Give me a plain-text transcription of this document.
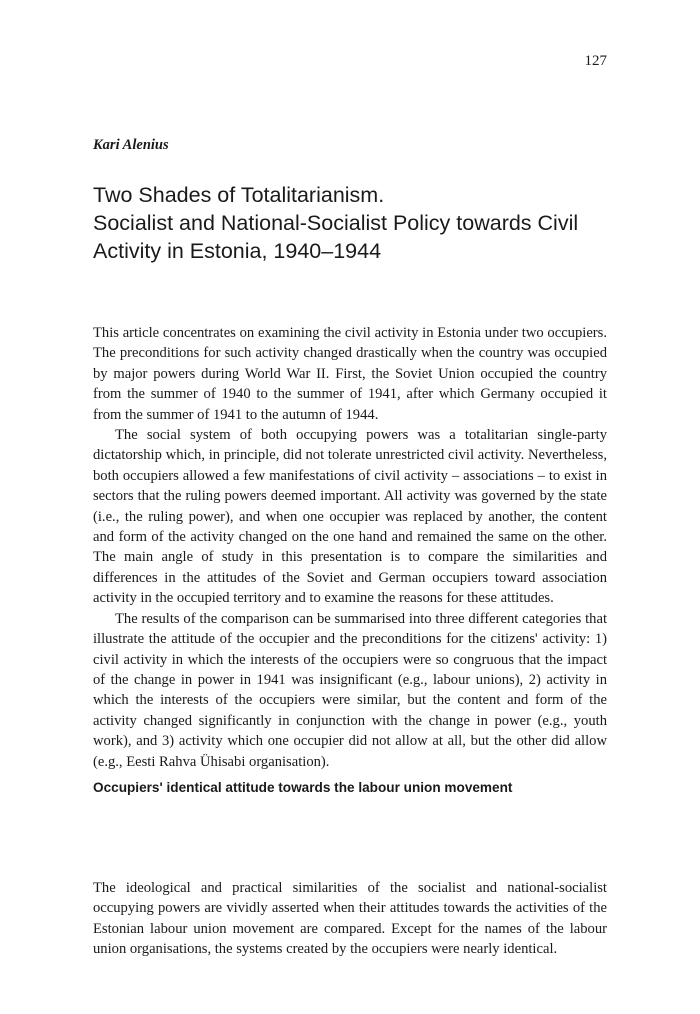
127
Kari Alenius
Two Shades of Totalitarianism.
Socialist and National-Socialist Policy towards Civil
Activity in Estonia, 1940–1944

This article concentrates on examining the civil activity in Estonia under two occupiers. The preconditions for such activity changed drastically when the country was occupied by major powers during World War II. First, the Soviet Union occupied the country from the summer of 1940 to the summer of 1941, after which Germany occupied it from the summer of 1941 to the autumn of 1944.

The social system of both occupying powers was a totalitarian single-party dictatorship which, in principle, did not tolerate unrestricted civil activity. Nevertheless, both occupiers allowed a few manifestations of civil activity – associations – to exist in sectors that the ruling powers deemed important. All activity was governed by the state (i.e., the ruling power), and when one occupier was replaced by another, the content and form of the activity changed on the one hand and remained the same on the other. The main angle of study in this presentation is to compare the similarities and differences in the attitudes of the Soviet and German occupiers toward association activity in the occupied territory and to examine the reasons for these attitudes.

The results of the comparison can be summarised into three different categories that illustrate the attitude of the occupier and the preconditions for the citizens' activity: 1) civil activity in which the interests of the occupiers were so congruous that the impact of the change in power in 1941 was insignificant (e.g., labour unions), 2) activity in which the interests of the occupiers were similar, but the content and form of the activity changed significantly in conjunction with the change in power (e.g., youth work), and 3) activity which one occupier did not allow at all, but the other did allow (e.g., Eesti Rahva Ühisabi organisation).

Occupiers' identical attitude towards the labour union movement

The ideological and practical similarities of the socialist and national-socialist occupying powers are vividly asserted when their attitudes towards the activities of the Estonian labour union movement are compared. Except for the names of the labour union organisations, the systems created by the occupiers were nearly identical.
